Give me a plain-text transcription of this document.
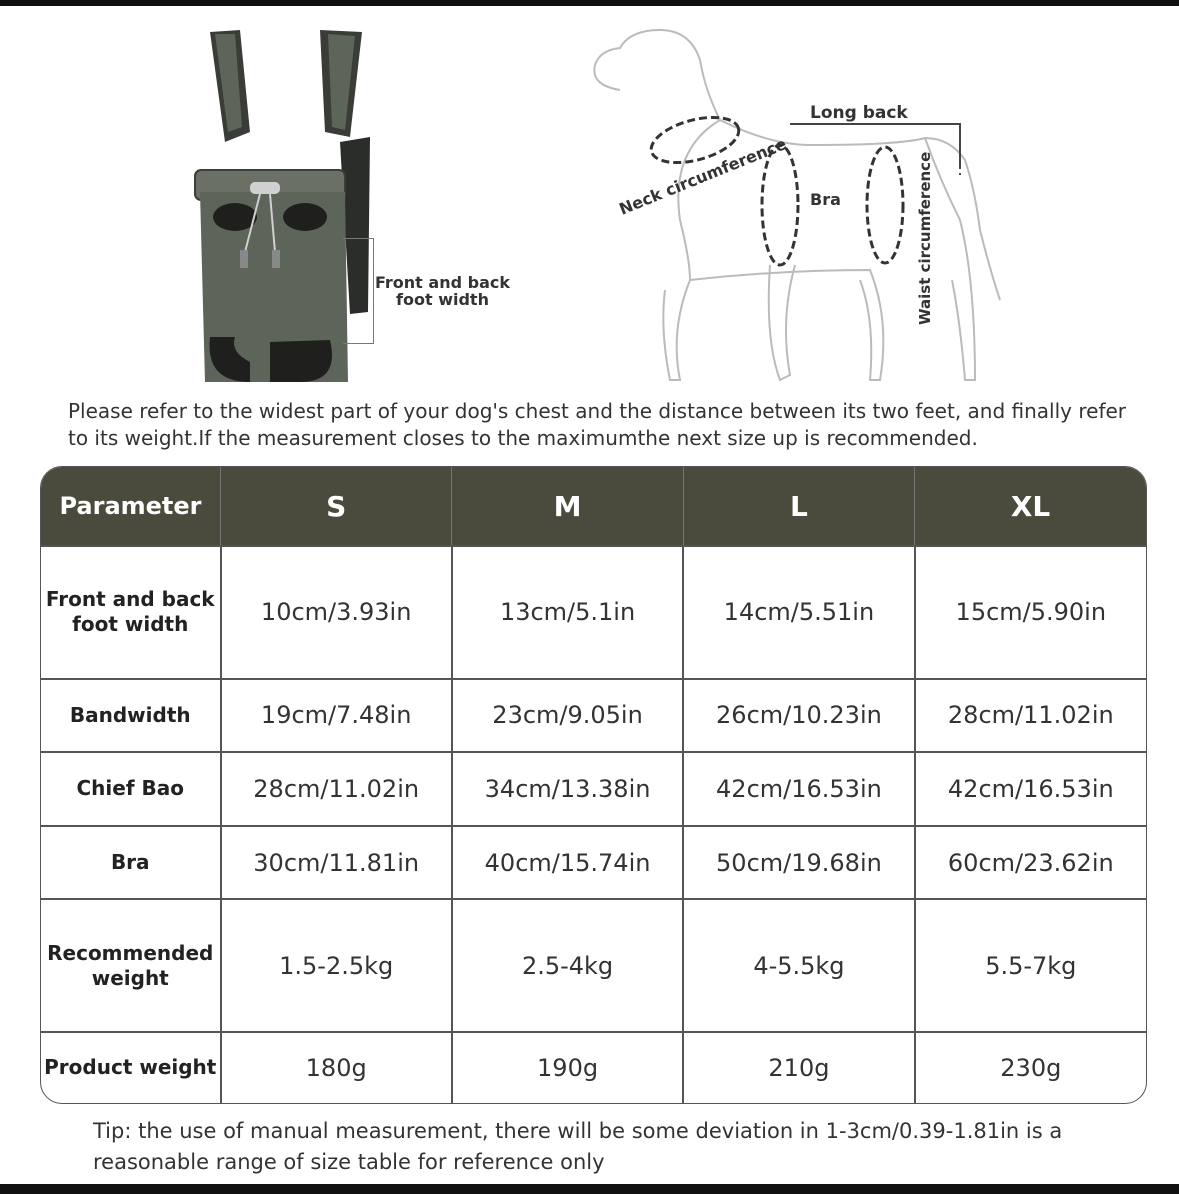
Front and back foot width
Long back
Neck circumference Bra	Waist circumference
Please refer to the widest part of your dog's chest and the distance between its two feet, and finally refer to its weight.If the measurement closes to the maximumthe next size up is recommended.
Parameter	S	M	L	XL
Front and back foot width	10cm/3.93in	13cm/5.1in	14cm/5.51in	15cm/5.90in
Bandwidth	19cm/7.48in	23cm/9.05in	26cm/10.23in	28cm/11.02in
Chief Bao	28cm/11.02in	34cm/13.38in	42cm/16.53in	42cm/16.53in
Bra	30cm/11.81in	40cm/15.74in	50cm/19.68in	60cm/23.62in
Recommended weight	1.5-2.5kg	2.5-4kg	4-5.5kg	5.5-7kg
Product weight	180g	190g	210g	230g
Tip: the use of manual measurement, there will be some deviation in 1-3cm/0.39-1.81in is a reasonable range of size table for reference only
